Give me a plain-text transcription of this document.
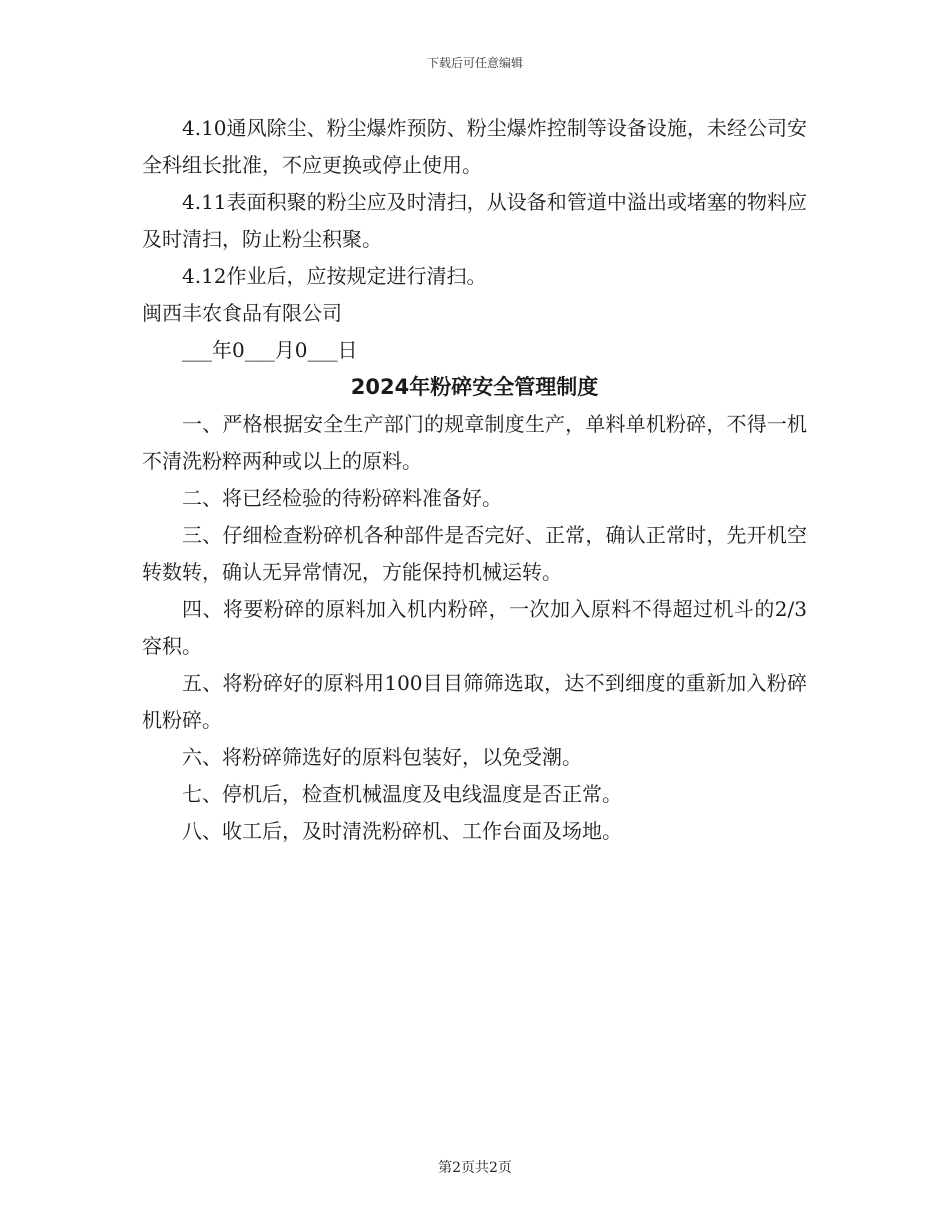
下载后可任意编辑

4.10通风除尘、粉尘爆炸预防、粉尘爆炸控制等设备设施，未经公司安全科组长批准，不应更换或停止使用。

4.11表面积聚的粉尘应及时清扫，从设备和管道中溢出或堵塞的物料应及时清扫，防止粉尘积聚。

4.12作业后，应按规定进行清扫。

闽西丰农食品有限公司

___年0___月0___日

2024年粉碎安全管理制度

一、严格根据安全生产部门的规章制度生产，单料单机粉碎，不得一机不清洗粉粹两种或以上的原料。

二、将已经检验的待粉碎料准备好。

三、仔细检查粉碎机各种部件是否完好、正常，确认正常时，先开机空转数转，确认无异常情况，方能保持机械运转。

四、将要粉碎的原料加入机内粉碎，一次加入原料不得超过机斗的2/3容积。

五、将粉碎好的原料用100目目筛筛选取，达不到细度的重新加入粉碎机粉碎。

六、将粉碎筛选好的原料包装好，以免受潮。

七、停机后，检查机械温度及电线温度是否正常。

八、收工后，及时清洗粉碎机、工作台面及场地。

第2页共2页
